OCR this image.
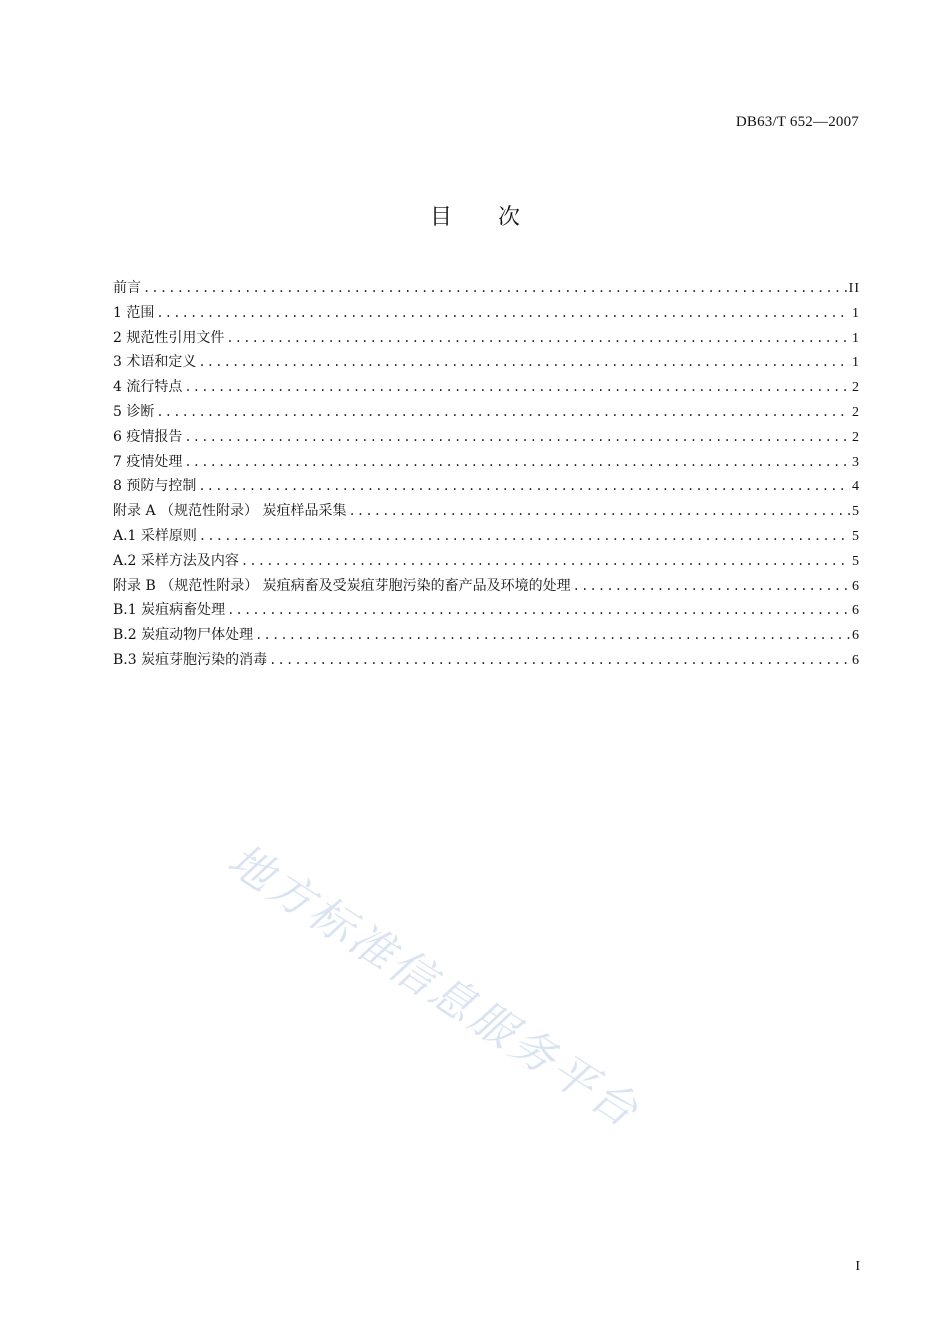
DB63/T 652—2007
目次
前言 .....	II
1 范围 .....	1
2 规范性引用文件 .....	1
3 术语和定义 .....	1
4 流行特点 .....	2
5 诊断 .....	2
6 疫情报告 .....	2
7 疫情处理 .....	3
8 预防与控制 .....	4
附录 A （规范性附录） 炭疽样品采集 .....	5
A.1 采样原则 .....	5
A.2 采样方法及内容 .....	5
附录 B （规范性附录） 炭疽病畜及受炭疽芽胞污染的畜产品及环境的处理 .....	6
B.1 炭疽病畜处理 .....	6
B.2 炭疽动物尸体处理 .....	6
B.3 炭疽芽胞污染的消毒 .....	6
地方标准信息服务平台
I
